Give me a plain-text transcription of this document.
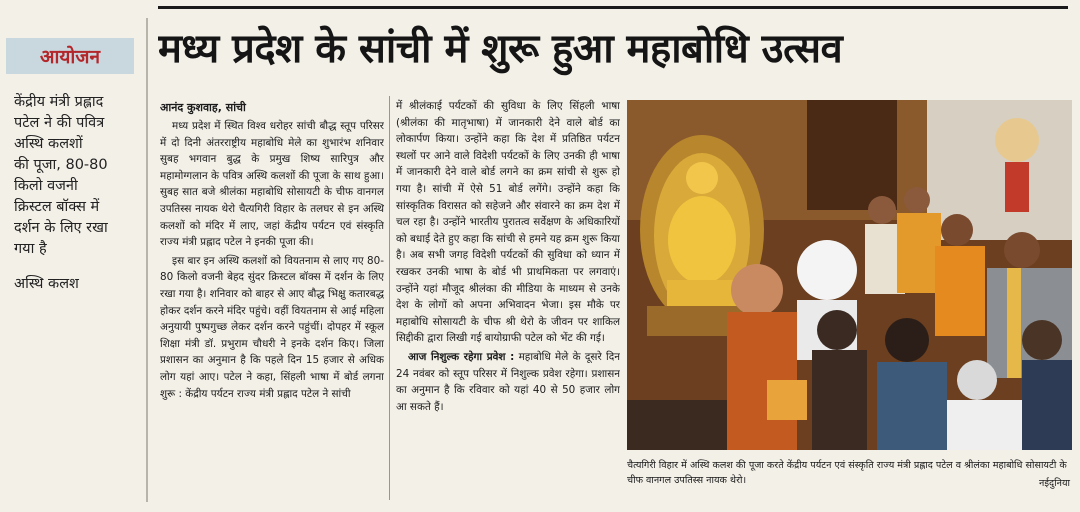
आयोजन
केंद्रीय मंत्री प्रह्लाद
पटेल ने की पवित्र
अस्थि कलशों
की पूजा, 80-80
किलो वजनी
क्रिस्टल बॉक्स में
दर्शन के लिए रखा
गया है
अस्थि कलश
मध्य प्रदेश के सांची में शुरू हुआ महाबोधि उत्सव
आनंद कुशवाह, सांची

मध्य प्रदेश में स्थित विश्व धरोहर सांची बौद्ध स्तूप परिसर में दो दिनी अंतरराष्ट्रीय महाबोधि मेले का शुभारंभ शनिवार सुबह भगवान बुद्ध के प्रमुख शिष्य सारिपुत्र और महामोग्गलान के पवित्र अस्थि कलशों की पूजा के साथ हुआ। सुबह सात बजे श्रीलंका महाबोधि सोसायटी के चीफ वानगल उपतिस्स नायक थेरो चैत्यगिरी विहार के तलघर से इन अस्थि कलशों को मंदिर में लाए, जहां केंद्रीय पर्यटन एवं संस्कृति राज्य मंत्री प्रह्लाद पटेल ने इनकी पूजा की।

इस बार इन अस्थि कलशों को वियतनाम से लाए गए 80-80 किलो वजनी बेहद सुंदर क्रिस्टल बॉक्स में दर्शन के लिए रखा गया है। शनिवार को बाहर से आए बौद्ध भिक्षु कतारबद्ध होकर दर्शन करने मंदिर पहुंचे। वहीं वियतनाम से आई महिला अनुयायी पुष्पगुच्छ लेकर दर्शन करने पहुंचीं। दोपहर में स्कूल शिक्षा मंत्री डॉ. प्रभुराम चौधरी ने इनके दर्शन किए। जिला प्रशासन का अनुमान है कि पहले दिन 15 हजार से अधिक लोग यहां आए। पटेल ने कहा, सिंहली भाषा में बोर्ड लगना शुरू : केंद्रीय पर्यटन राज्य मंत्री प्रह्लाद पटेल ने सांची

में श्रीलंकाई पर्यटकों की सुविधा के लिए सिंहली भाषा (श्रीलंका की मातृभाषा) में जानकारी देने वाले बोर्ड का लोकार्पण किया। उन्होंने कहा कि देश में प्रतिष्ठित पर्यटन स्थलों पर आने वाले विदेशी पर्यटकों के लिए उनकी ही भाषा में जानकारी देने वाले बोर्ड लगने का क्रम सांची से शुरू हो गया है। सांची में ऐसे 51 बोर्ड लगेंगे। उन्होंने कहा कि सांस्कृतिक विरासत को सहेजने और संवारने का क्रम देश में चल रहा है। उन्होंने भारतीय पुरातत्व सर्वेक्षण के अधिकारियों को बधाई देते हुए कहा कि सांची से हमने यह क्रम शुरू किया है। अब सभी जगह विदेशी पर्यटकों की सुविधा को ध्यान में रखकर उनकी भाषा के बोर्ड भी प्राथमिकता पर लगवाएं। उन्होंने यहां मौजूद श्रीलंका की मीडिया के माध्यम से उनके देश के लोगों को अपना अभिवादन भेजा। इस मौके पर महाबोधि सोसायटी के चीफ श्री थेरो के जीवन पर शाकिल सिद्दीकी द्वारा लिखी गई बायोग्राफी पटेल को भेंट की गई।

आज निशुल्क रहेगा प्रवेश : महाबोधि मेले के दूसरे दिन 24 नवंबर को स्तूप परिसर में निशुल्क प्रवेश रहेगा। प्रशासन का अनुमान है कि रविवार को यहां 40 से 50 हजार लोग आ सकते हैं।

चैत्यगिरी विहार में अस्थि कलश की पूजा करते केंद्रीय पर्यटन एवं संस्कृति राज्य मंत्री प्रह्लाद पटेल व श्रीलंका महाबोधि सोसायटी के चीफ वानगल उपतिस्स नायक थेरो।	नईदुनिया
